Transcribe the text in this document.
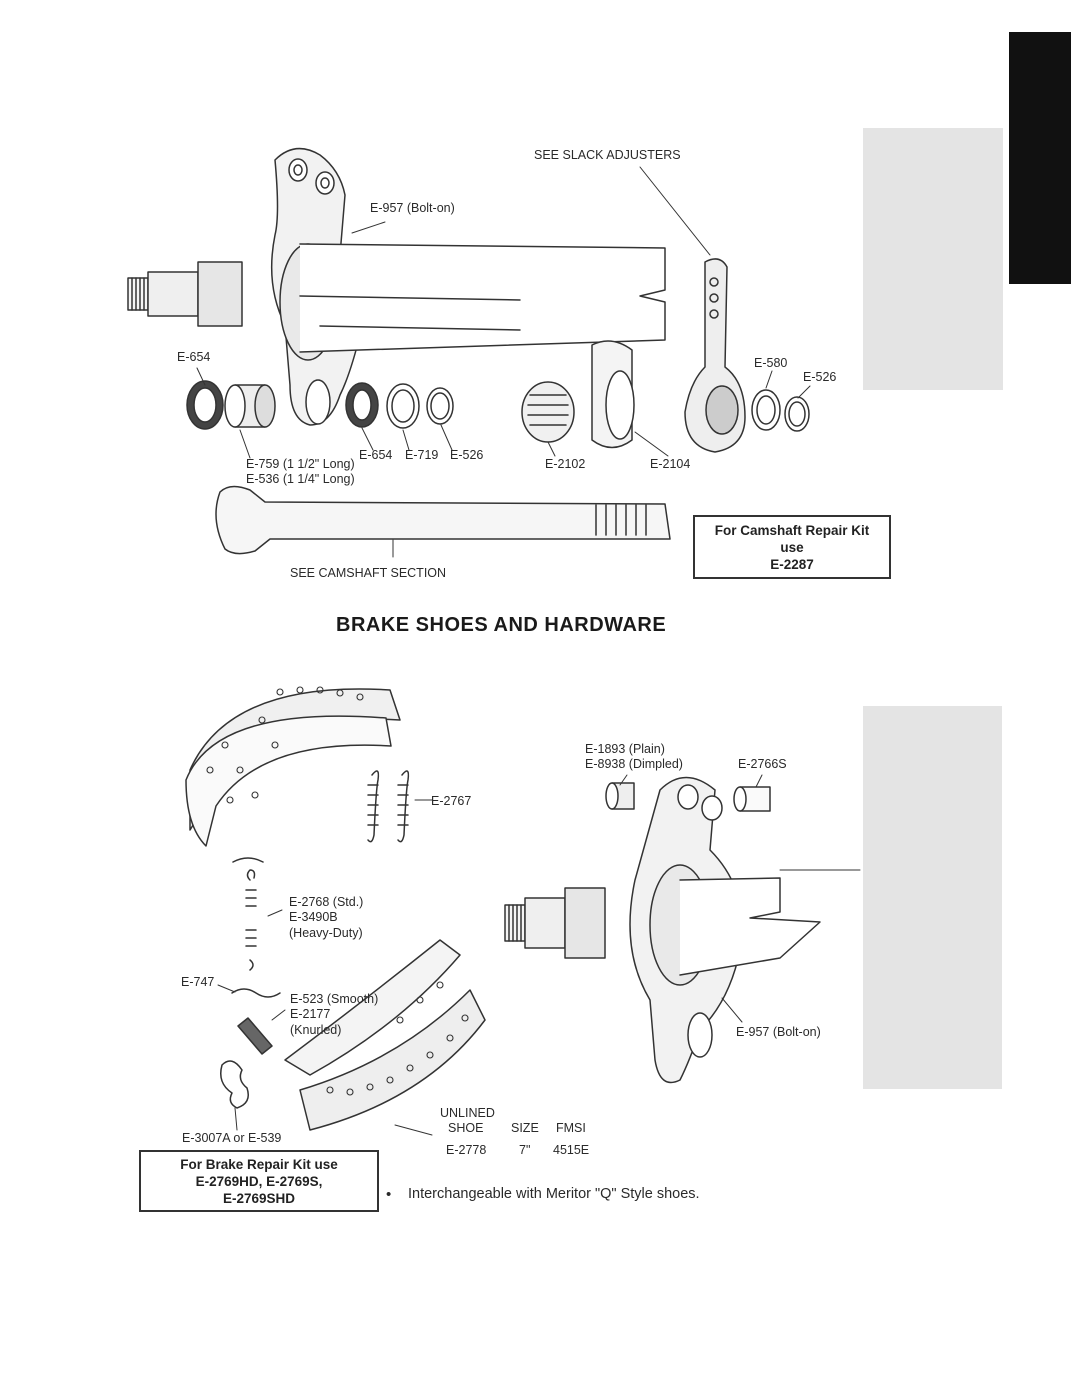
SEE SLACK ADJUSTERS
E-957 (Bolt-on)
E-654	E-580
E-526
E-759 (1 1/2" Long)
E-536 (1 1/4" Long)
E-654 E-719 E-526
E-2102	E-2104
SEE CAMSHAFT SECTION
For Camshaft Repair Kit
use
E-2287
BRAKE SHOES AND HARDWARE
E-1893 (Plain)
E-8938 (Dimpled)	E-2766S
E-2767
E-2768 (Std.)
E-3490B
(Heavy-Duty)
E-747
E-523 (Smooth)
E-2177
(Knurled)	E-957 (Bolt-on)
E-3007A or E-539
UNLINED
SHOE SIZE FMSI
E-2778	7" 4515E
For Brake Repair Kit use
E-2769HD, E-2769S,
E-2769SHD	• Interchangeable with Meritor "Q" Style shoes.
